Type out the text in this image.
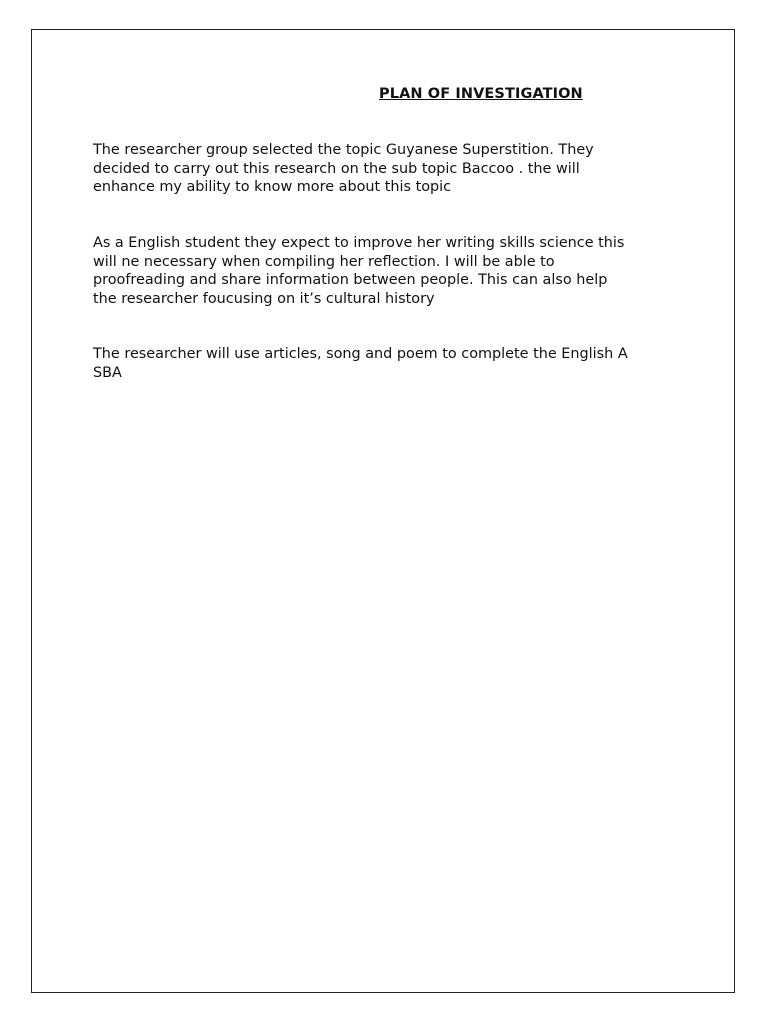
PLAN OF INVESTIGATION

The researcher group selected the topic Guyanese Superstition. They
decided to carry out this research on the sub topic Baccoo . the will
enhance my ability to know more about this topic

As a English student they expect to improve her writing skills science this
will ne necessary when compiling her reflection. I will be able to
proofreading and share information between people. This can also help
the researcher foucusing on it’s cultural history

The researcher will use articles, song and poem to complete the English A
SBA
